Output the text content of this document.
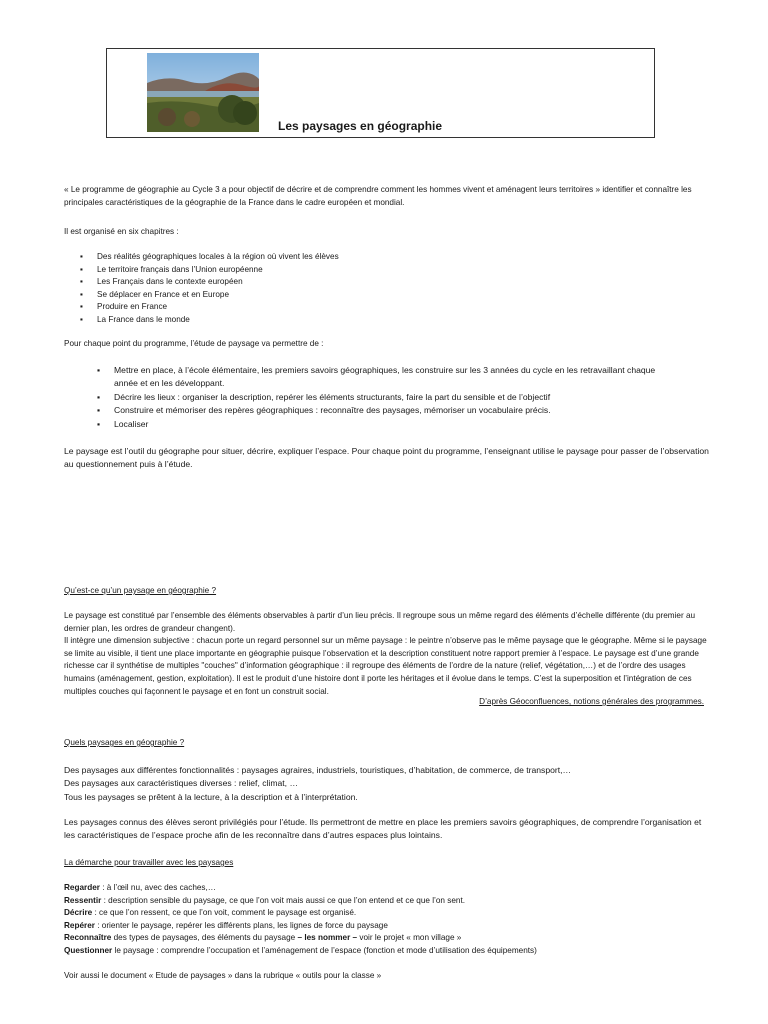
Les paysages en géographie

« Le programme de géographie au Cycle 3 a pour objectif de décrire et de comprendre comment les hommes vivent et aménagent leurs territoires » identifier et connaître les principales caractéristiques de la géographie de la France dans le cadre européen et mondial.

Il est organisé en six chapitres :

▪ Des réalités géographiques locales à la région où vivent les élèves
▪ Le territoire français dans l’Union européenne
▪ Les Français dans le contexte européen
▪ Se déplacer en France et en Europe
▪ Produire en France
▪ La France dans le monde

Pour chaque point du programme, l’étude de paysage va permettre de :

▪ Mettre en place, à l’école élémentaire, les premiers savoirs géographiques, les construire sur les 3 années du cycle en les retravaillant chaque année et en les développant.
▪ Décrire les lieux : organiser la description, repérer les éléments structurants, faire la part du sensible et de l’objectif
▪ Construire et mémoriser des repères géographiques : reconnaître des paysages, mémoriser un vocabulaire précis.
▪ Localiser

Le paysage est l’outil du géographe pour situer, décrire, expliquer l’espace. Pour chaque point du programme, l’enseignant utilise le paysage pour passer de l’observation au questionnement puis à l’étude.

Qu’est-ce qu’un paysage en géographie ?

Le paysage est constitué par l’ensemble des éléments observables à partir d’un lieu précis. Il regroupe sous un même regard des éléments d’échelle différente (du premier au dernier plan, les ordres de grandeur changent).
Il intègre une dimension subjective : chacun porte un regard personnel sur un même paysage : le peintre n’observe pas le même paysage que le géographe. Même si le paysage se limite au visible, il tient une place importante en géographie puisque l’observation et la description constituent notre rapport premier à l’espace. Le paysage est d’une grande richesse car il synthétise de multiples "couches" d’information géographique : il regroupe des éléments de l’ordre de la nature (relief, végétation,…) et de l’ordre des usages humains (aménagement, gestion, exploitation). Il est le produit d’une histoire dont il porte les héritages et il évolue dans le temps. C’est la superposition et l’intégration de ces multiples couches qui façonnent le paysage et en font un construit social.

D’après Géoconfluences, notions générales des programmes.

Quels paysages en géographie ?

Des paysages aux différentes fonctionnalités : paysages agraires, industriels, touristiques, d’habitation, de commerce, de transport,…

Des paysages aux caractéristiques diverses : relief, climat, …

Tous les paysages se prêtent à la lecture, à la description et à l’interprétation.

Les paysages connus des élèves seront privilégiés pour l’étude. Ils permettront de mettre en place les premiers savoirs géographiques, de comprendre l’organisation et les caractéristiques de l’espace proche afin de les reconnaître dans d’autres espaces plus lointains.

La démarche pour travailler avec les paysages

Regarder : à l’œil nu, avec des caches,…
Ressentir : description sensible du paysage, ce que l’on voit mais aussi ce que l’on entend et ce que l’on sent.
Décrire : ce que l’on ressent, ce que l’on voit, comment le paysage est organisé.
Repérer : orienter le paysage, repérer les différents plans, les lignes de force du paysage
Reconnaître des types de paysages, des éléments du paysage – les nommer – voir le projet « mon village »
Questionner le paysage : comprendre l’occupation et l’aménagement de l’espace (fonction et mode d’utilisation des équipements)

Voir aussi le document « Etude de paysages » dans la rubrique « outils pour la classe »
